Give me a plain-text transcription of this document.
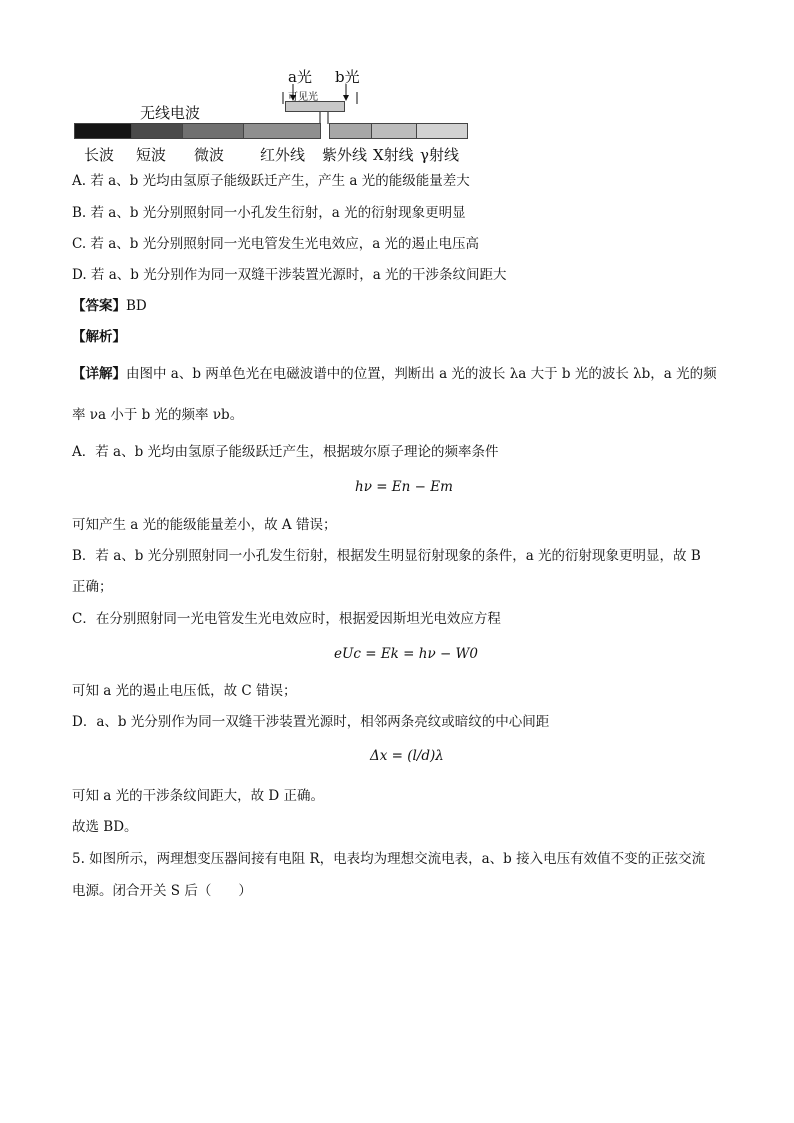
a光 b光
可见光
无线电波
长波 短波 微波 红外线 紫外线 X射线 γ射线
A. 若 a、b 光均由氢原子能级跃迁产生，产生 a 光的能级能量差大
B. 若 a、b 光分别照射同一小孔发生衍射，a 光的衍射现象更明显
C. 若 a、b 光分别照射同一光电管发生光电效应，a 光的遏止电压高
D. 若 a、b 光分别作为同一双缝干涉装置光源时，a 光的干涉条纹间距大
【答案】BD
【解析】
【详解】由图中 a、b 两单色光在电磁波谱中的位置，判断出 a 光的波长 λa 大于 b 光的波长 λb，a 光的频
率 νa 小于 b 光的频率 νb。
A．若 a、b 光均由氢原子能级跃迁产生，根据玻尔原子理论的频率条件
hν = En − Em
可知产生 a 光的能级能量差小，故 A 错误；
B．若 a、b 光分别照射同一小孔发生衍射，根据发生明显衍射现象的条件，a 光的衍射现象更明显，故 B
正确；
C．在分别照射同一光电管发生光电效应时，根据爱因斯坦光电效应方程
eUc = Ek = hν − W0
可知 a 光的遏止电压低，故 C 错误；
D．a、b 光分别作为同一双缝干涉装置光源时，相邻两条亮纹或暗纹的中心间距
Δx = (l/d)λ
可知 a 光的干涉条纹间距大，故 D 正确。
故选 BD。
5. 如图所示，两理想变压器间接有电阻 R，电表均为理想交流电表，a、b 接入电压有效值不变的正弦交流
电源。闭合开关 S 后（　　）
